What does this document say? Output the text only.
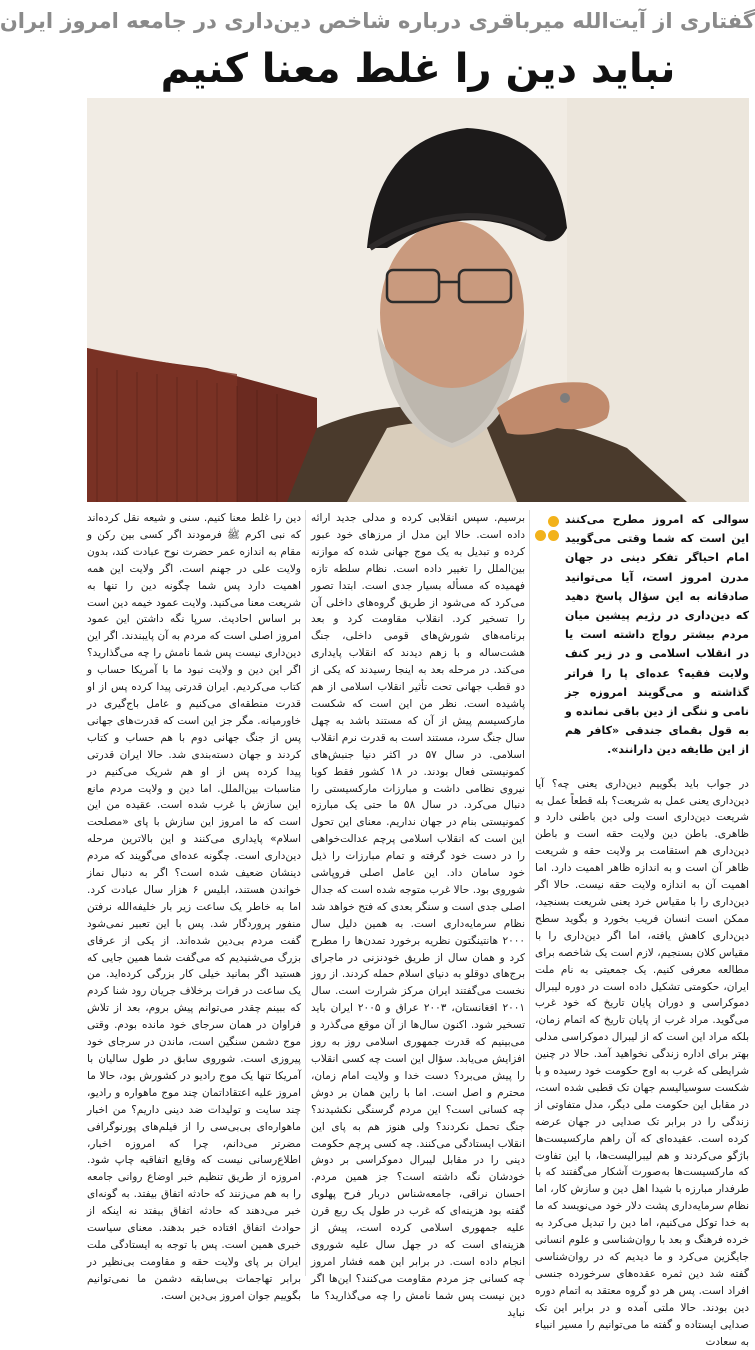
گفتاری از آیت‌الله میرباقری درباره شاخص دین‌داری در جامعه امروز ایران
نباید دین را غلط معنا کنیم

سوالی که امروز مطرح می‌کنند این است که شما وقتی می‌گویید امام احیاگر تفکر دینی در جهان مدرن امروز است، آیا می‌توانید صادقانه به این سؤال پاسخ دهید که دین‌داری در رژیم پیشین میان مردم بیشتر رواج داشته است یا در انقلاب اسلامی و در زیر کنف ولایت فقیه؟ عده‌ای پا را فراتر گذاشته و می‌گویند امروزه جز نامی و ننگی از دین باقی نمانده و به قول بقمای جندقی «کافر هم از این طایفه دین دارانند».

در جواب باید بگوییم دین‌داری یعنی چه؟ آیا دین‌داری یعنی عمل به شریعت؟ بله قطعاً عمل به شریعت دین‌داری است ولی دین باطنی دارد و ظاهری. باطن دین ولایت حقه است و باطن دین‌داری هم استقامت بر ولایت حقه و شریعت ظاهر آن است و به اندازه ظاهر اهمیت دارد. اما اهمیت آن به اندازه ولایت حقه نیست. حالا اگر دین‌داری را با مقیاس خرد یعنی شریعت بسنجید، ممکن است انسان فریب بخورد و بگوید سطح دین‌داری کاهش یافته، اما اگر دین‌داری را با مقیاس کلان بسنجیم، لازم است یک شاخصه برای مطالعه معرفی کنیم. یک جمعیتی به نام ملت ایران، حکومتی تشکیل داده است در دوره لیبرال دموکراسی و دوران پایان تاریخ که خود غرب می‌گوید. مراد غرب از پایان تاریخ که اتمام زمان، بلکه مراد این است که از لیبرال دموکراسی مدلی بهتر برای اداره زندگی نخواهید آمد. حالا در چنین شرایطی که غرب به اوج حکومت خود رسیده و با شکست سوسیالیسم جهان تک قطبی شده است، در مقابل این حکومت ملی دیگر، مدل متفاوتی از زندگی را در برابر تک صدایی در جهان عرضه کرده است. عقیده‌ای که آن راهم مارکسیست‌ها باژگو می‌کردند و هم لیبرالیست‌ها، با این تفاوت که مارکسیست‌ها به‌صورت آشکار می‌گفتند که با طرفدار مبارزه با شیدا اهل دین و سازش کار، اما نظام سرمایه‌داری پشت دلار خود می‌نویسد که ما به خدا توکل می‌کنیم، اما دین را تبدیل می‌کرد به خرده فرهنگ و بعد با روان‌شناسی و علوم انسانی جایگزین می‌کرد و ما دیدیم که در روان‌شناسی گفته شد دین ثمره عقده‌های سرخورده جنسی افراد است. پس هر دو گروه معتقد به اتمام دوره دین بودند. حالا ملتی آمده و در برابر این تک صدایی ایستاده و گفته ما می‌توانیم را مسیر انبیاء به سعادت

برسیم. سپس انقلابی کرده و مدلی جدید ارائه داده است. حالا این مدل از مرزهای خود عبور کرده و تبدیل به یک موج جهانی شده که موازنه بین‌الملل را تغییر داده است. نظام سلطه تازه فهمیده که مسأله بسیار جدی است. ابتدا تصور می‌کرد که می‌شود از طریق گروه‌های داخلی آن را تسخیر کرد. انقلاب مقاومت کرد و بعد برنامه‌های شورش‌های قومی داخلی، جنگ هشت‌ساله و با زهم دیدند که انقلاب پایداری می‌کند. در مرحله بعد به اینجا رسیدند که یکی از دو قطب جهانی تحت تأثیر انقلاب اسلامی از هم پاشیده است. نظر من این است که شکست مارکسیسم پیش از آن که مستند باشد به چهل سال جنگ سرد، مستند است به قدرت نرم انقلاب اسلامی. در سال ۵۷ در اکثر دنیا جنبش‌های کمونیستی فعال بودند. در ۱۸ کشور فقط کوبا نیروی نظامی داشت و مبارزات مارکسیستی را دنبال می‌کرد. در سال ۵۸ ما حتی یک مبارزه کمونیستی بنام در جهان نداریم. معنای این تحول این است که انقلاب اسلامی پرچم عدالت‌خواهی را در دست خود گرفته و تمام مبارزات را ذیل خود سامان داد. این عامل اصلی فروپاشی شوروی بود. حالا غرب متوجه شده است که جدال اصلی جدی است و سنگر بعدی که فتح خواهد شد نظام سرمایه‌داری است. به همین دلیل سال ۲۰۰۰ هانتینگتون نظریه برخورد تمدن‌ها را مطرح کرد و همان سال از طریق خودنزنی در ماجرای برج‌های دوقلو به دنیای اسلام حمله کردند. از روز نخست می‌گفتند ایران مرکز شرارت است. سال ۲۰۰۱ افغانستان، ۲۰۰۳ عراق و ۲۰۰۵ ایران باید تسخیر شود. اکنون سال‌ها از آن موقع می‌گذرد و می‌بینیم که قدرت جمهوری اسلامی روز به روز افزایش می‌یابد. سؤال این است چه کسی انقلاب را پیش می‌برد؟ دست خدا و ولایت امام زمان، محترم و اصل است. اما با راین همان بر دوش چه کسانی است؟ این مردم گرسنگی نکشیدند؟ جنگ تحمل نکردند؟ ولی هنوز هم به پای این انقلاب ایستادگی می‌کنند. چه کسی پرچم حکومت دینی را در مقابل لیبرال دموکراسی بر دوش خودشان نگه داشته است؟ جز همین مردم. احسان نراقی، جامعه‌شناس دربار فرح پهلوی گفته بود هزینه‌ای که غرب در طول یک ربع قرن علیه جمهوری اسلامی کرده است، پیش از هزینه‌ای است که در جهل سال علیه شوروی انجام داده است. در برابر این همه فشار امروز چه کسانی جز مردم مقاومت می‌کنند؟ این‌ها اگر دین نیست پس شما نامش را چه می‌گذارید؟ ما نباید

دین را غلط معنا کنیم. سنی و شیعه نقل کرده‌اند که نبی اکرم ﷺ فرمودند اگر کسی بین رکن و مقام به اندازه عمر حضرت نوح عبادت کند، بدون ولایت علی در جهنم است. اگر ولایت این همه اهمیت دارد پس شما چگونه دین را تنها به شریعت معنا می‌کنید. ولایت عمود خیمه دین است بر اساس احادیث. سرپا نگه داشتن این عمود امروز اصلی است که مردم به آن پایبندند. اگر این دین‌داری نیست پس شما نامش را چه می‌گذارید؟ اگر این دین و ولایت نبود ما با آمریکا حساب و کتاب می‌کردیم. ایران قدرتی پیدا کرده پس از او قدرت منطقه‌ای می‌کنیم و عامل باج‌گیری در خاورمیانه. مگر جز این است که قدرت‌های جهانی پس از جنگ جهانی دوم با هم حساب و کتاب کردند و جهان دسته‌بندی شد. حالا ایران قدرتی پیدا کرده پس از او هم شریک می‌کنیم در مناسبات بین‌الملل. اما دین و ولایت مردم مانع این سازش با غرب شده است. عقیده من این است که ما امروز این سازش با پای «مصلحت اسلام» پایداری می‌کنند و این بالاترین مرحله دین‌داری است. چگونه عده‌ای می‌گویند که مردم دینشان ضعیف شده است؟ اگر به دنبال نماز خواندن هستند، ابلیس ۶ هزار سال عبادت کرد. اما به خاطر یک ساعت زیر بار خلیفه‌الله نرفتن منفور پروردگار شد. پس با این تعبیر نمی‌شود گفت مردم بی‌دین شده‌اند. از یکی از عرفای بزرگ می‌شنیدیم که می‌گفت شما همین جایی که هستید اگر بمانید خیلی کار بزرگی کرده‌اید. من یک ساعت در فرات برخلاف جریان رود شنا کردم که ببینم چقدر می‌توانم پیش بروم، بعد از تلاش فراوان در همان سرجای خود مانده بودم. وقتی موج دشمن سنگین است، ماندن در سرجای خود پیروزی است. شوروی سابق در طول سالیان با آمریکا تنها یک موج رادیو در کشورش بود، حالا ما امروز علیه اعتقاداتمان چند موج ماهواره و رادیو، چند سایت و تولیدات ضد دینی داریم؟ من اخبار ماهواره‌ای بی‌بی‌سی را از فیلم‌های پورنوگرافی مضرتر می‌دانم، چرا که امروزه اخبار، اطلاع‌رسانی نیست که وقایع اتفاقیه چاپ شود. امروزه از طریق تنظیم خبر اوضاع روانی جامعه را به هم می‌زنند که حادثه اتفاق بیفتد. به گونه‌ای خبر می‌دهند که حادثه اتفاق بیفتد نه اینکه از حوادث اتفاق افتاده خبر بدهند. معنای سیاست خبری همین است. پس با توجه به ایستادگی ملت ایران بر پای ولایت حقه و مقاومت بی‌نظیر در برابر تهاجمات بی‌سابقه دشمن ما نمی‌توانیم بگوییم جوان امروز بی‌دین است.
